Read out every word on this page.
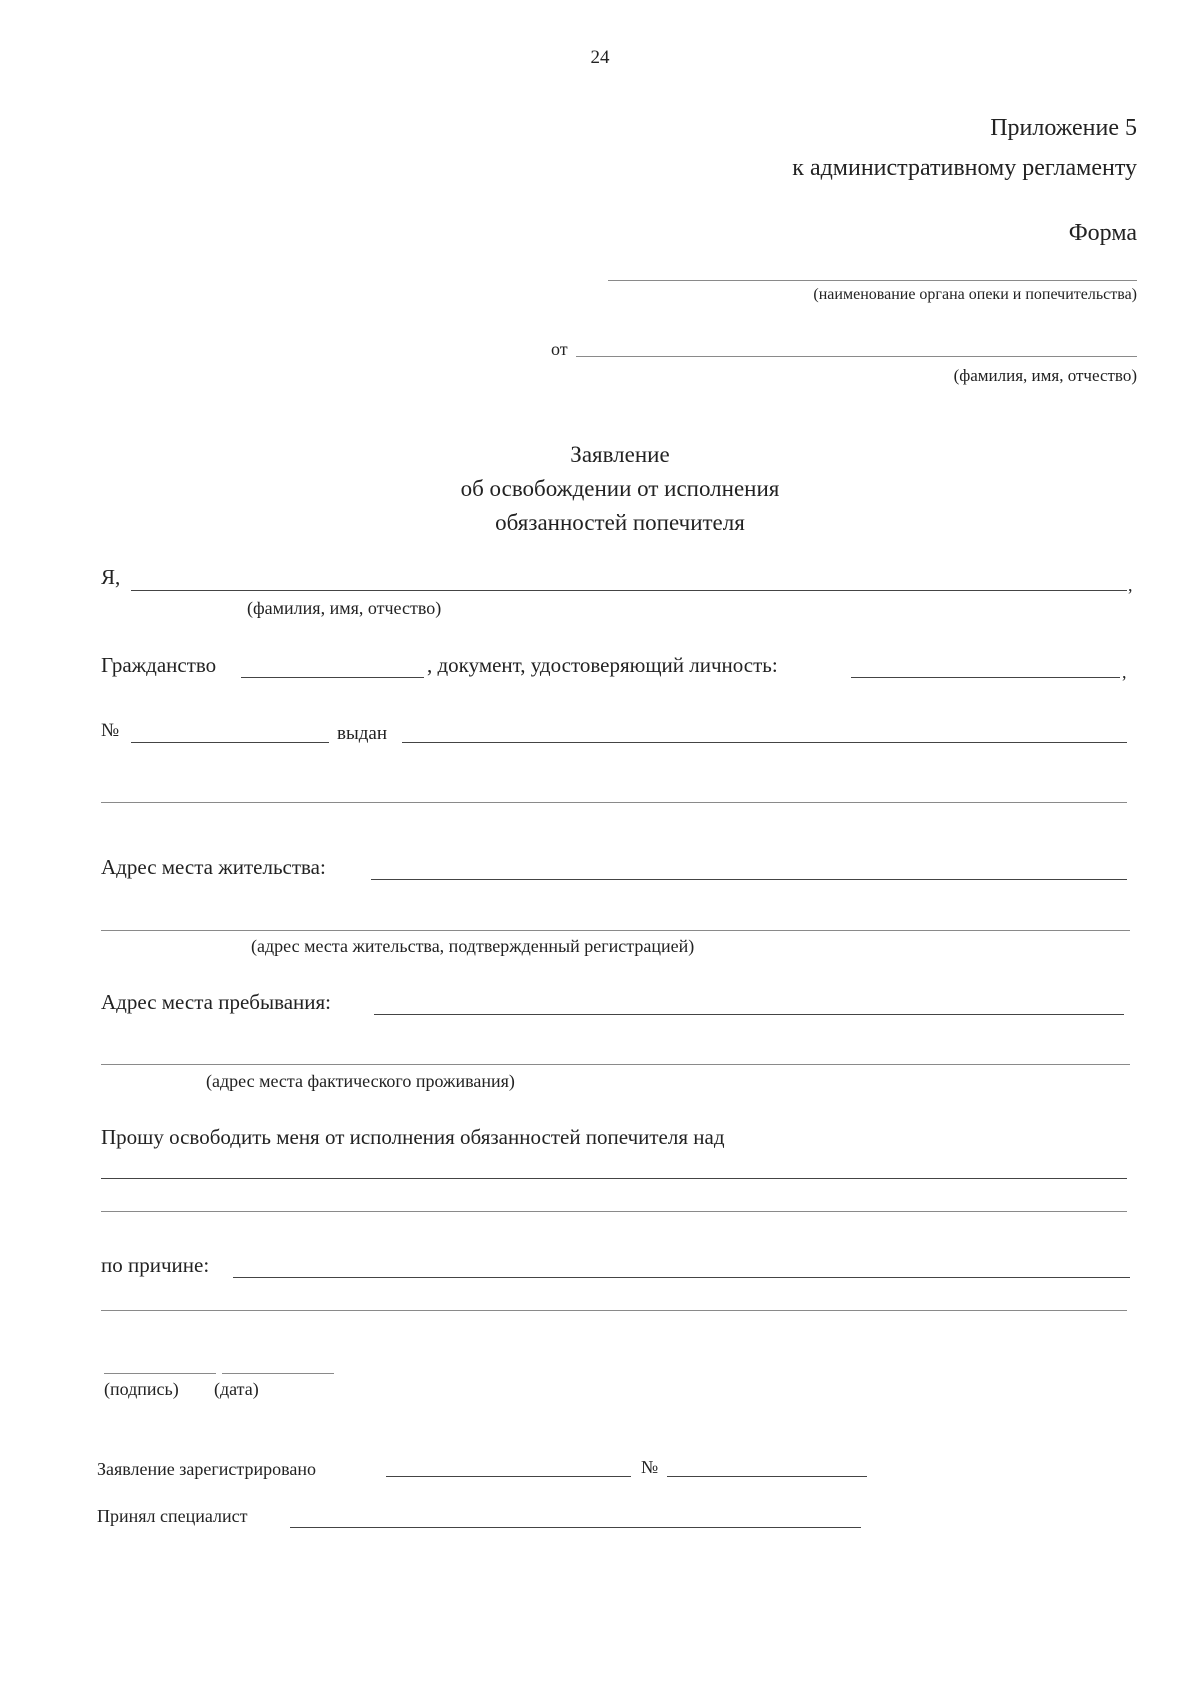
24
Приложение 5
к административному регламенту
Форма
(наименование органа опеки и попечительства)
от
(фамилия, имя, отчество)
Заявление
об освобождении от исполнения
обязанностей попечителя
Я,	,
(фамилия, имя, отчество)
Гражданство	, документ, удостоверяющий личность:	,
№	выдан
Адрес места жительства:
(адрес места жительства, подтвержденный регистрацией)
Адрес места пребывания:
(адрес места фактического проживания)
Прошу освободить меня от исполнения обязанностей попечителя над
по причине:
(подпись) (дата)
Заявление зарегистрировано	№
Принял специалист
